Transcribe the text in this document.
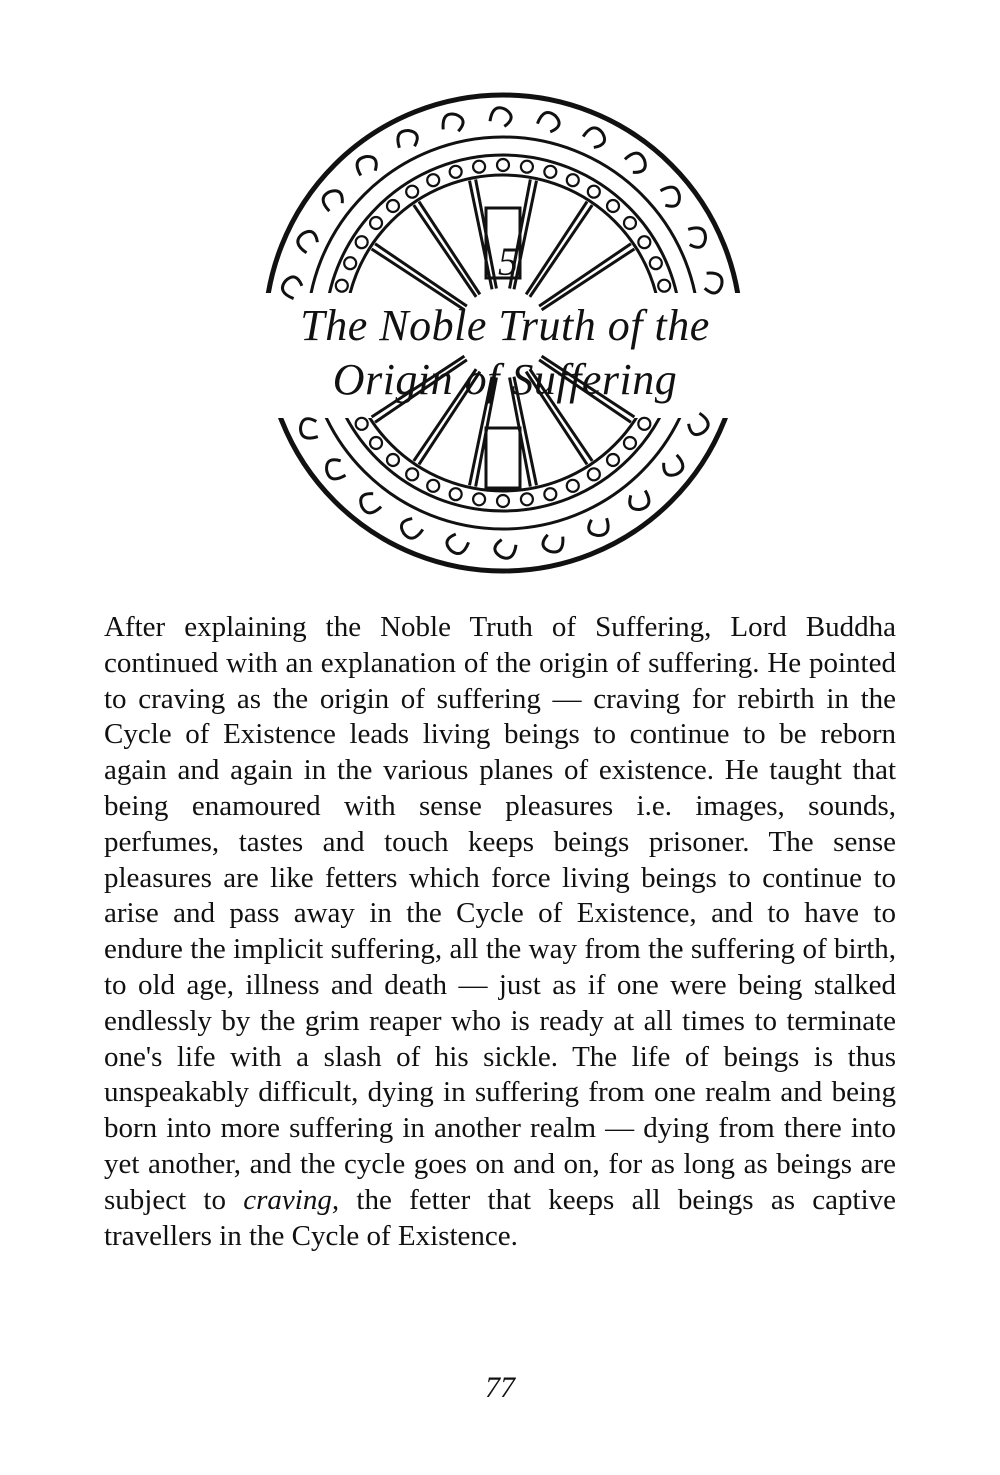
5
The Noble Truth of the
Origin of Suffering
After explaining the Noble Truth of Suffering, Lord Buddha continued with an explanation of the origin of suffering. He pointed to craving as the origin of suffering — craving for rebirth in the Cycle of Existence leads living beings to continue to be reborn again and again in the various planes of existence. He taught that being enamoured with sense pleasures i.e. images, sounds, perfumes, tastes and touch keeps beings prisoner. The sense pleasures are like fetters which force living beings to continue to arise and pass away in the Cycle of Existence, and to have to endure the implicit suffering, all the way from the suffering of birth, to old age, illness and death — just as if one were being stalked endlessly by the grim reaper who is ready at all times to terminate one's life with a slash of his sickle. The life of beings is thus unspeakably difficult, dying in suffering from one realm and being born into more suffering in another realm — dying from there into yet another, and the cycle goes on and on, for as long as beings are subject to craving, the fetter that keeps all beings as captive travellers in the Cycle of Existence.
77
